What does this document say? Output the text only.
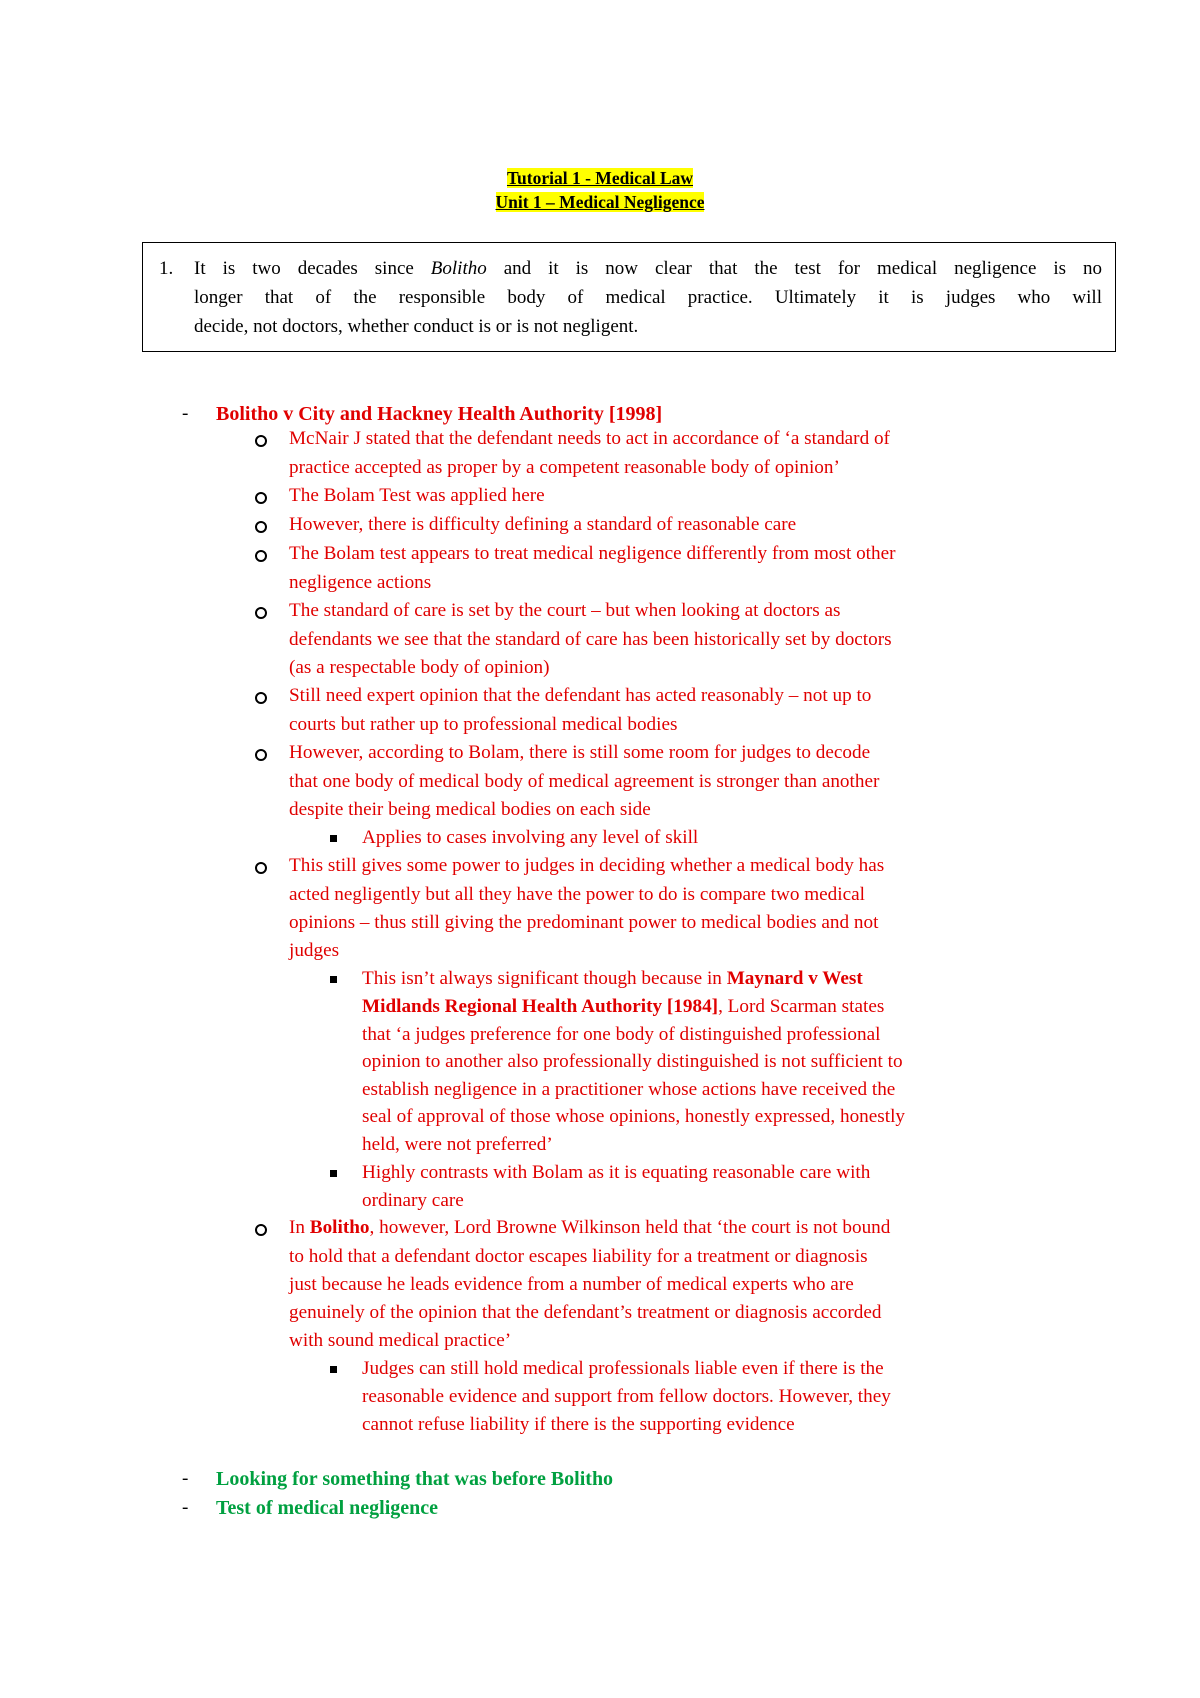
Tutorial 1 - Medical Law
Unit 1 – Medical Negligence
1. It is two decades since Bolitho and it is now clear that the test for medical negligence is no
longer that of the responsible body of medical practice. Ultimately it is judges who will
decide, not doctors, whether conduct is or is not negligent.
- Bolitho v City and Hackney Health Authority [1998]
McNair J stated that the defendant needs to act in accordance of ‘a standard of
practice accepted as proper by a competent reasonable body of opinion’
The Bolam Test was applied here
However, there is difficulty defining a standard of reasonable care
The Bolam test appears to treat medical negligence differently from most other
negligence actions
The standard of care is set by the court – but when looking at doctors as
defendants we see that the standard of care has been historically set by doctors
(as a respectable body of opinion)
Still need expert opinion that the defendant has acted reasonably – not up to
courts but rather up to professional medical bodies
However, according to Bolam, there is still some room for judges to decode
that one body of medical body of medical agreement is stronger than another
despite their being medical bodies on each side
Applies to cases involving any level of skill
This still gives some power to judges in deciding whether a medical body has
acted negligently but all they have the power to do is compare two medical
opinions – thus still giving the predominant power to medical bodies and not
judges
This isn’t always significant though because in Maynard v West
Midlands Regional Health Authority [1984], Lord Scarman states
that ‘a judges preference for one body of distinguished professional
opinion to another also professionally distinguished is not sufficient to
establish negligence in a practitioner whose actions have received the
seal of approval of those whose opinions, honestly expressed, honestly
held, were not preferred’
Highly contrasts with Bolam as it is equating reasonable care with
ordinary care
In Bolitho, however, Lord Browne Wilkinson held that ‘the court is not bound
to hold that a defendant doctor escapes liability for a treatment or diagnosis
just because he leads evidence from a number of medical experts who are
genuinely of the opinion that the defendant’s treatment or diagnosis accorded
with sound medical practice’
Judges can still hold medical professionals liable even if there is the
reasonable evidence and support from fellow doctors. However, they
cannot refuse liability if there is the supporting evidence
- Looking for something that was before Bolitho
- Test of medical negligence
